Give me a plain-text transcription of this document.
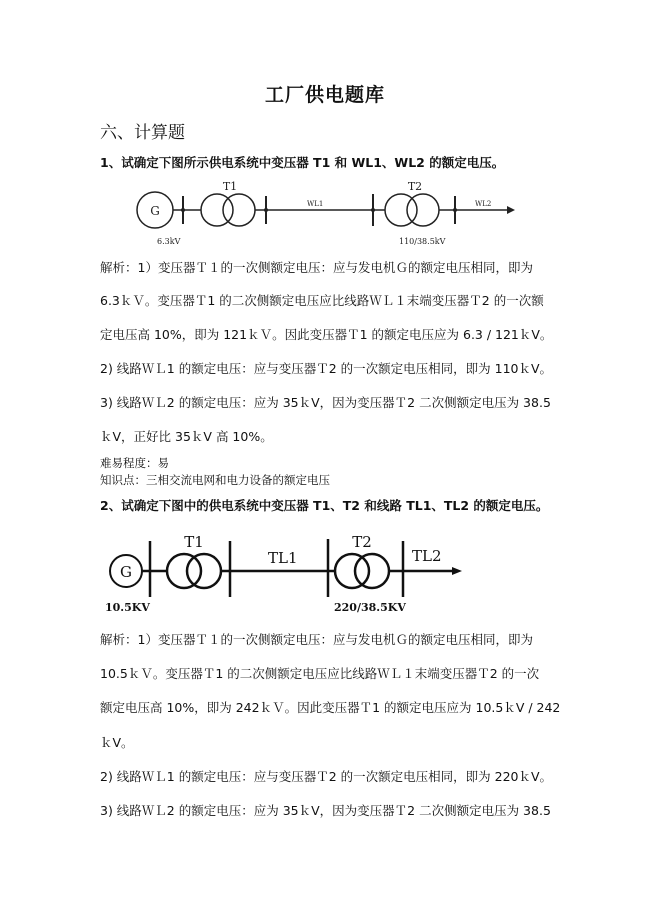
工厂供电题库
六、计算题
1、试确定下图所示供电系统中变压器 T1 和 WL1、WL2 的额定电压。
G
T1
WL1
T2
WL2
6.3kV	110/38.5kV
解析：1）变压器Ｔ１的一次侧额定电压：应与发电机Ｇ的额定电压相同，即为
6.3ｋＶ。变压器Ｔ1 的二次侧额定电压应比线路ＷＬ１末端变压器Ｔ2 的一次额
定电压高 10%，即为 121ｋＶ。因此变压器Ｔ1 的额定电压应为 6.3 / 121ｋV。
2) 线路ＷＬ1 的额定电压：应与变压器Ｔ2 的一次额定电压相同，即为 110ｋV。
3) 线路ＷＬ2 的额定电压：应为 35ｋV，因为变压器Ｔ2 二次侧额定电压为 38.5
ｋV，正好比 35ｋV 高 10%。
难易程度：易
知识点：三相交流电网和电力设备的额定电压
2、试确定下图中的供电系统中变压器 T1、T2 和线路 TL1、TL2 的额定电压。
G
T1
TL1
T2
TL2
10.5KV	220/38.5KV
解析：1）变压器Ｔ１的一次侧额定电压：应与发电机Ｇ的额定电压相同，即为
10.5ｋＶ。变压器Ｔ1 的二次侧额定电压应比线路ＷＬ１末端变压器Ｔ2 的一次
额定电压高 10%，即为 242ｋＶ。因此变压器Ｔ1 的额定电压应为 10.5ｋV / 242
ｋV。
2) 线路ＷＬ1 的额定电压：应与变压器Ｔ2 的一次额定电压相同，即为 220ｋV。
3) 线路ＷＬ2 的额定电压：应为 35ｋV，因为变压器Ｔ2 二次侧额定电压为 38.5
